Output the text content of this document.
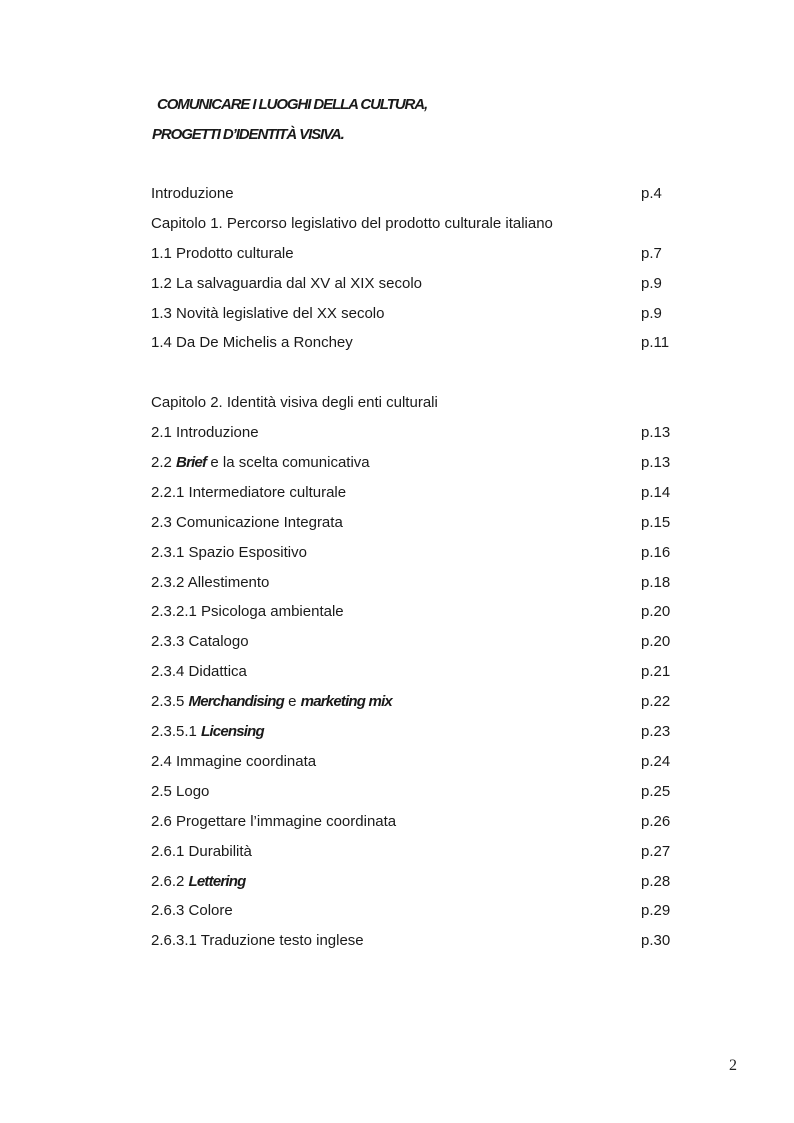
COMUNICARE I LUOGHI DELLA CULTURA,
PROGETTI D’IDENTITÀ VISIVA.
Introduzione	p.4
Capitolo 1. Percorso legislativo del prodotto culturale italiano
1.1 Prodotto culturale	p.7
1.2 La salvaguardia dal XV al XIX secolo	p.9
1.3 Novità legislative del XX secolo	p.9
1.4 Da De Michelis a Ronchey	p.11
Capitolo 2. Identità visiva degli enti culturali
2.1 Introduzione	p.13
2.2 Brief e la scelta comunicativa	p.13
2.2.1 Intermediatore culturale	p.14
2.3 Comunicazione Integrata	p.15
2.3.1 Spazio Espositivo	p.16
2.3.2 Allestimento	p.18
2.3.2.1 Psicologa ambientale	p.20
2.3.3 Catalogo	p.20
2.3.4 Didattica	p.21
2.3.5 Merchandising e marketing mix	p.22
2.3.5.1 Licensing	p.23
2.4 Immagine coordinata	p.24
2.5 Logo	p.25
2.6 Progettare l’immagine coordinata	p.26
2.6.1 Durabilità	p.27
2.6.2 Lettering	p.28
2.6.3 Colore	p.29
2.6.3.1 Traduzione testo inglese	p.30
2
